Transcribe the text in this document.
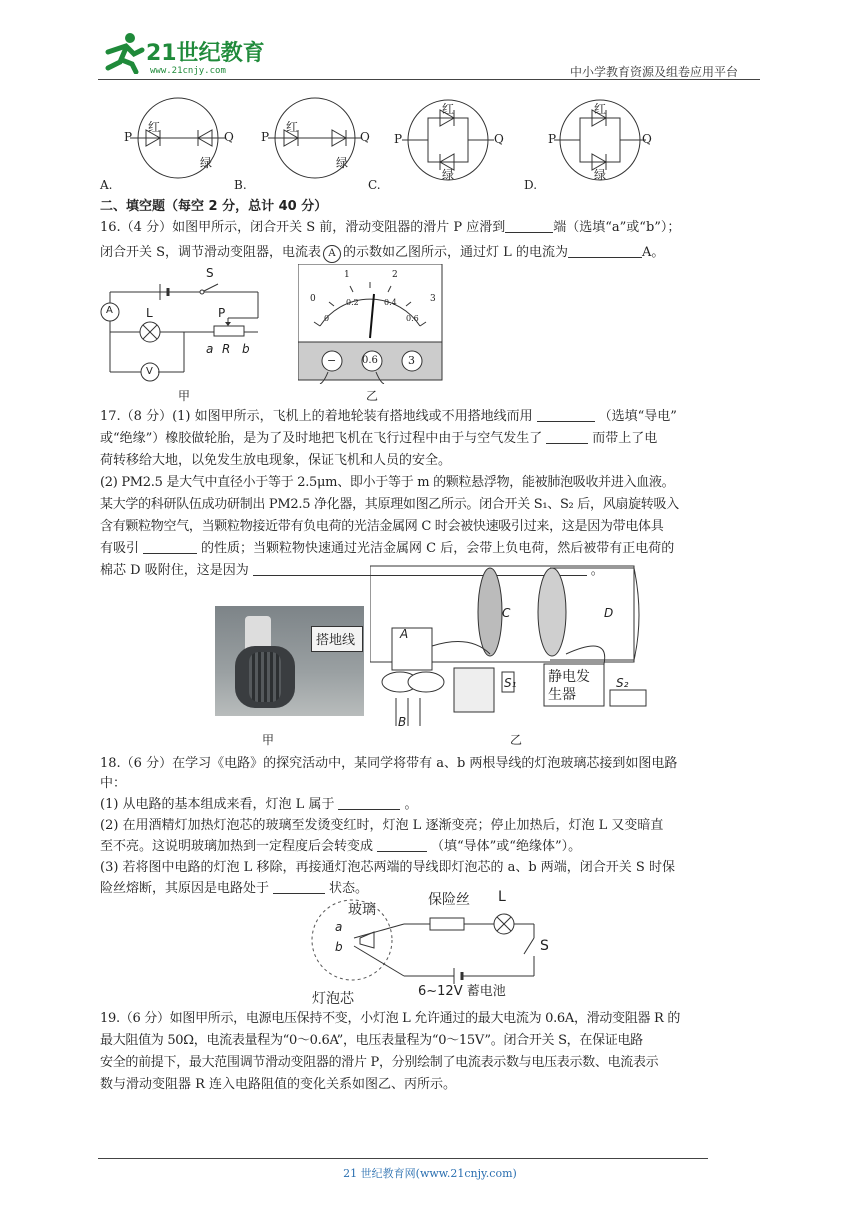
21世纪教育
www.21cnjy.com	中小学教育资源及组卷应用平台
P	Q
红
绿
P	Q
红
绿
P	Q
红
绿
P	Q
红
绿
A.	B.	C.	D.
二、填空题（每空 2 分，总计 40 分）
16.（4 分）如图甲所示，闭合开关 S 前，滑动变阻器的滑片 P 应滑到	端（选填“a”或“b”）；
闭合开关 S，调节滑动变阻器，电流表 A 的示数如乙图所示，通过灯 L 的电流为	A。
S
A	L	P
V
a R b
甲
0
1	2
3
0
0.2	0.4
0.6
−	0.6	3
乙
17.（8 分）(1) 如图甲所示，飞机上的着地轮装有搭地线或不用搭地线而用	（选填“导电”
或“绝缘”）橡胶做轮胎，是为了及时地把飞机在飞行过程中由于与空气发生了	而带上了电
荷转移给大地，以免发生放电现象，保证飞机和人员的安全。
(2) PM2.5 是大气中直径小于等于 2.5μm、即小于等于 m 的颗粒悬浮物，能被肺泡吸收并进入血液。
某大学的科研队伍成功研制出 PM2.5 净化器，其原理如图乙所示。闭合开关 S₁、S₂ 后，风扇旋转吸入
含有颗粒物空气，当颗粒物接近带有负电荷的光洁金属网 C 时会被快速吸引过来，这是因为带电体具
有吸引	的性质；当颗粒物快速通过光洁金属网 C 后，会带上负电荷，然后被带有正电荷的
棉芯 D 吸附住，这是因为	。
搭地线
甲
A
B
C	D
静电发生器
S₁	S₂
乙
18.（6 分）在学习《电路》的探究活动中，某同学将带有 a、b 两根导线的灯泡玻璃芯接到如图电路
中：
(1) 从电路的基本组成来看，灯泡 L 属于	。
(2) 在用酒精灯加热灯泡芯的玻璃至发烫变红时，灯泡 L 逐渐变亮；停止加热后，灯泡 L 又变暗直
至不亮。这说明玻璃加热到一定程度后会转变成	（填“导体”或“绝缘体”）。
(3) 若将图中电路的灯泡 L 移除，再接通灯泡芯两端的导线即灯泡芯的 a、b 两端，闭合开关 S 时保
险丝熔断，其原因是电路处于	状态。
玻璃
保险丝 L
S
a
b
6~12V 蓄电池
灯泡芯
19.（6 分）如图甲所示，电源电压保持不变，小灯泡 L 允许通过的最大电流为 0.6A，滑动变阻器 R 的
最大阻值为 50Ω，电流表量程为“0～0.6A”，电压表量程为“0～15V”。闭合开关 S，在保证电路
安全的前提下，最大范围调节滑动变阻器的滑片 P，分别绘制了电流表示数与电压表示数、电流表示
数与滑动变阻器 R 连入电路阻值的变化关系如图乙、丙所示。
21 世纪教育网(www.21cnjy.com)
